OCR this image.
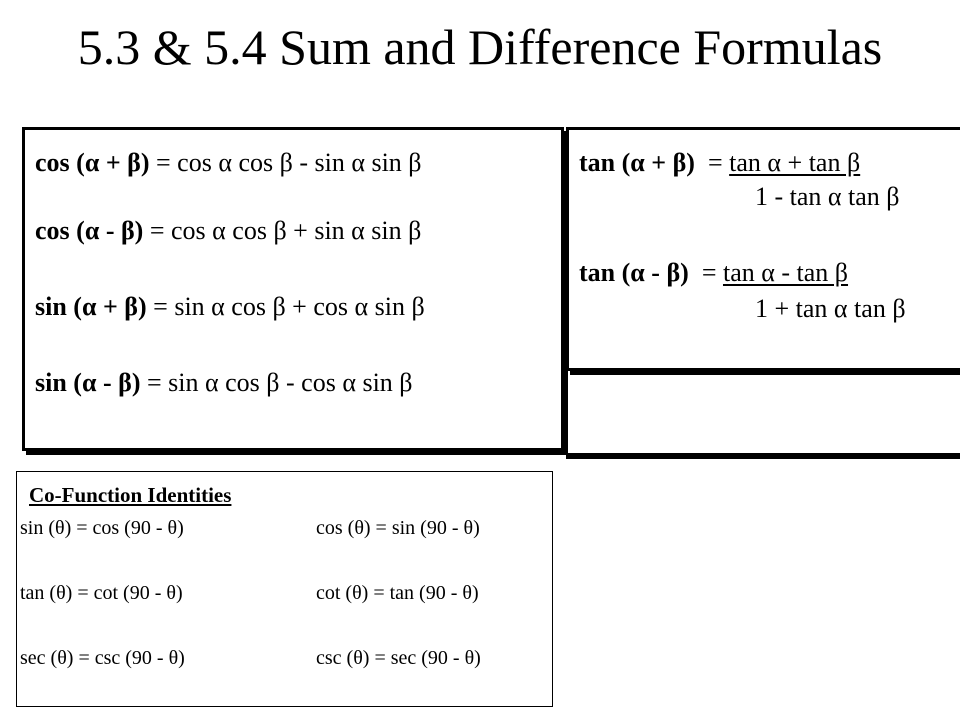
5.3 & 5.4 Sum and Difference Formulas
cos (α + β) = cos α cos β - sin α sin β
cos (α - β) = cos α cos β + sin α sin β
sin (α + β) = sin α cos β + cos α sin β
sin (α - β) = sin α cos β - cos α sin β
tan (α + β)  = tan α + tan β
1 - tan α tan β
tan (α - β)  = tan α - tan β
1 + tan α tan β
Co-Function Identities
sin (θ) = cos (90 - θ)	cos (θ) = sin (90 - θ)
tan (θ) = cot (90 - θ)	cot (θ) = tan (90 - θ)
sec (θ) = csc (90 - θ)	csc (θ) = sec (90 - θ)
